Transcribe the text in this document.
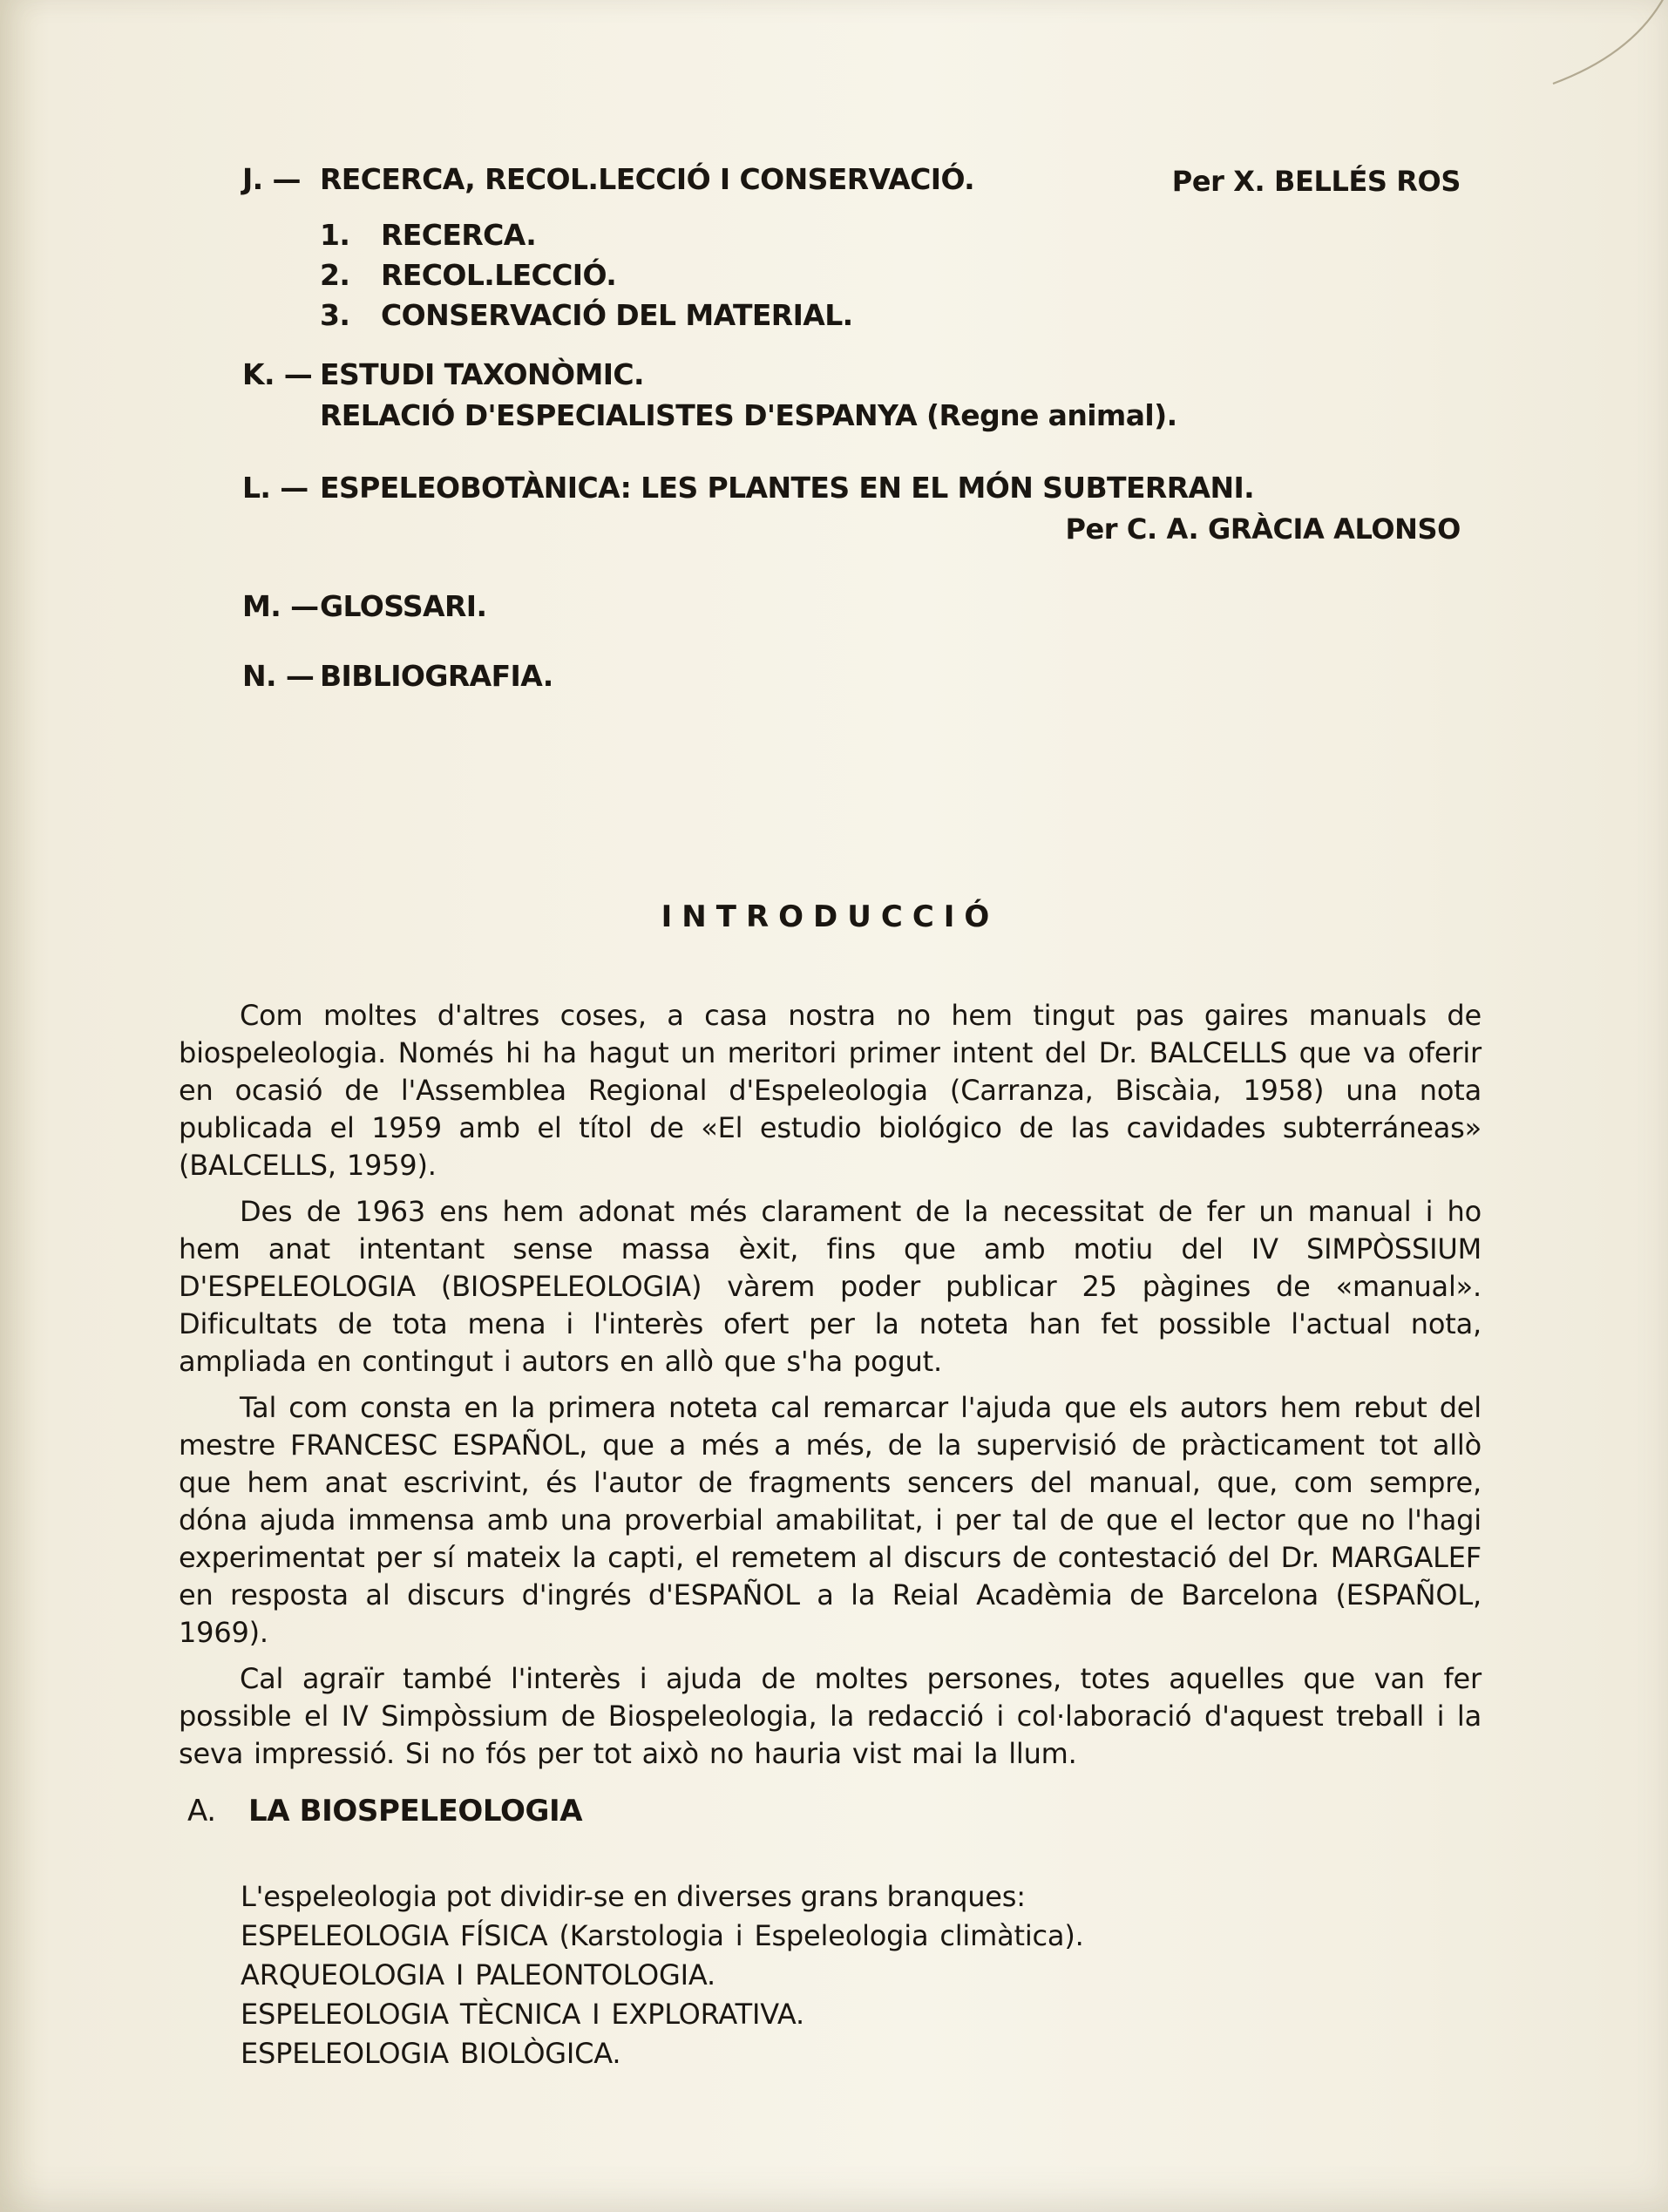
J. — RECERCA, RECOL.LECCIÓ I CONSERVACIÓ.	Per X. BELLÉS ROS
1. RECERCA.
2. RECOL.LECCIÓ.
3. CONSERVACIÓ DEL MATERIAL.
K. — ESTUDI TAXONÒMIC.
RELACIÓ D'ESPECIALISTES D'ESPANYA (Regne animal).
L. — ESPELEOBOTÀNICA: LES PLANTES EN EL MÓN SUBTERRANI.
Per C. A. GRÀCIA ALONSO
M. —GLOSSARI.
N. — BIBLIOGRAFIA.
INTRODUCCIÓ

Com moltes d'altres coses, a casa nostra no hem tingut pas gaires manuals de biospeleologia. Només hi ha hagut un meritori primer intent del Dr. BALCELLS que va oferir en ocasió de l'Assemblea Regional d'Espeleologia (Carranza, Biscàia, 1958) una nota publicada el 1959 amb el títol de «El estudio biológico de las cavidades subterráneas» (BALCELLS, 1959).

Des de 1963 ens hem adonat més clarament de la necessitat de fer un manual i ho hem anat intentant sense massa èxit, fins que amb motiu del IV SIMPÒSSIUM D'ESPELEOLOGIA (BIOSPELEOLOGIA) vàrem poder publicar 25 pàgines de «manual». Dificultats de tota mena i l'interès ofert per la noteta han fet possible l'actual nota, ampliada en contingut i autors en allò que s'ha pogut.

Tal com consta en la primera noteta cal remarcar l'ajuda que els autors hem rebut del mestre FRANCESC ESPAÑOL, que a més a més, de la supervisió de pràcticament tot allò que hem anat escrivint, és l'autor de fragments sencers del manual, que, com sempre, dóna ajuda immensa amb una proverbial amabilitat, i per tal de que el lector que no l'hagi experimentat per sí mateix la capti, el remetem al discurs de contestació del Dr. MARGALEF en resposta al discurs d'ingrés d'ESPAÑOL a la Reial Acadèmia de Barcelona (ESPAÑOL, 1969).

Cal agraïr també l'interès i ajuda de moltes persones, totes aquelles que van fer possible el IV Simpòssium de Biospeleologia, la redacció i col·laboració d'aquest treball i la seva impressió. Si no fós per tot això no hauria vist mai la llum.

A. LA BIOSPELEOLOGIA
L'espeleologia pot dividir-se en diverses grans branques:
ESPELEOLOGIA FÍSICA (Karstologia i Espeleologia climàtica).
ARQUEOLOGIA I PALEONTOLOGIA.
ESPELEOLOGIA TÈCNICA I EXPLORATIVA.
ESPELEOLOGIA BIOLÒGICA.
